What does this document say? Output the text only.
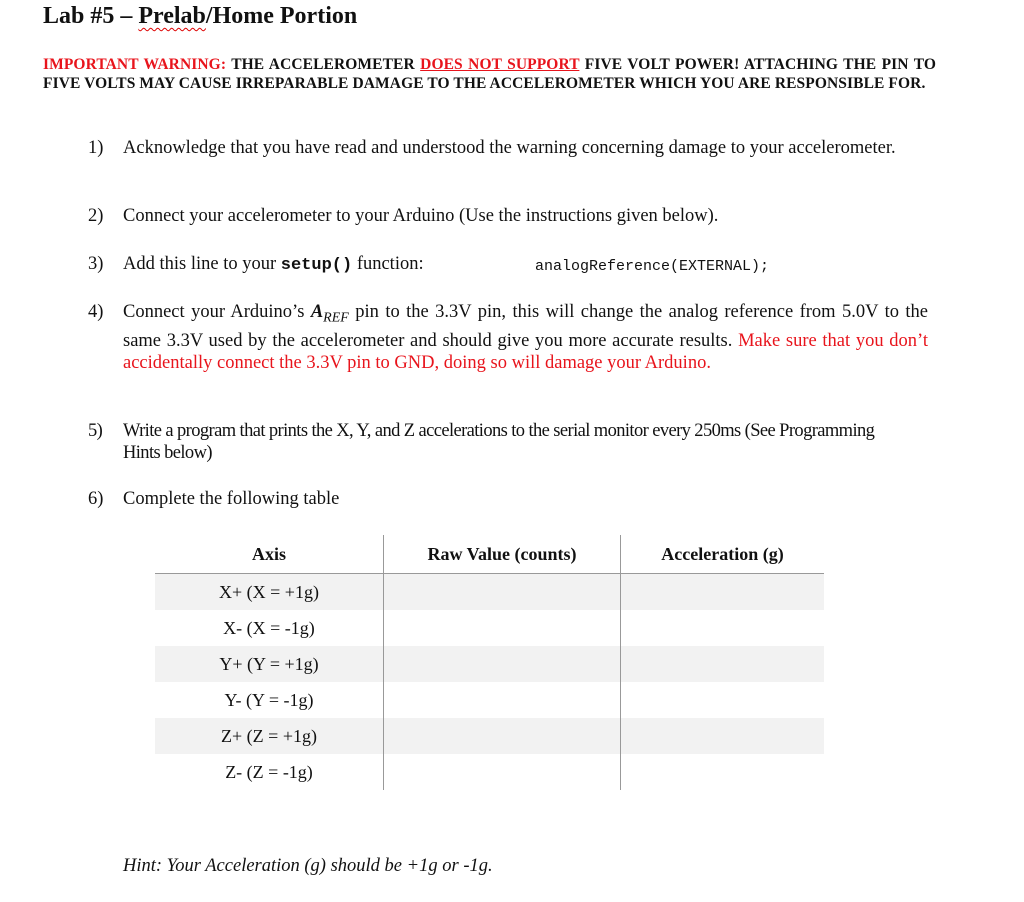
Lab #5 – Prelab/Home Portion
IMPORTANT WARNING: THE ACCELEROMETER DOES NOT SUPPORT FIVE VOLT POWER! ATTACHING THE PIN TO FIVE VOLTS MAY CAUSE IRREPARABLE DAMAGE TO THE ACCELEROMETER WHICH YOU ARE RESPONSIBLE FOR.
1) Acknowledge that you have read and understood the warning concerning damage to your accelerometer.
2) Connect your accelerometer to your Arduino (Use the instructions given below).
3) Add this line to your setup() function:	analogReference(EXTERNAL);
4) Connect your Arduino’s $A_{REF}$ pin to the 3.3V pin, this will change the analog reference from 5.0V to the same 3.3V used by the accelerometer and should give you more accurate results. Make sure that you don’t accidentally connect the 3.3V pin to GND, doing so will damage your Arduino.
5) Write a program that prints the X, Y, and Z accelerations to the serial monitor every 250ms (See Programming Hints below)
6) Complete the following table
Axis	Raw Value (counts)	Acceleration (g)
X+ (X = +1g)		
X- (X = -1g)		
Y+ (Y = +1g)		
Y- (Y = -1g)		
Z+ (Z = +1g)		
Z- (Z = -1g)		
Hint: Your Acceleration (g) should be +1g or -1g.
